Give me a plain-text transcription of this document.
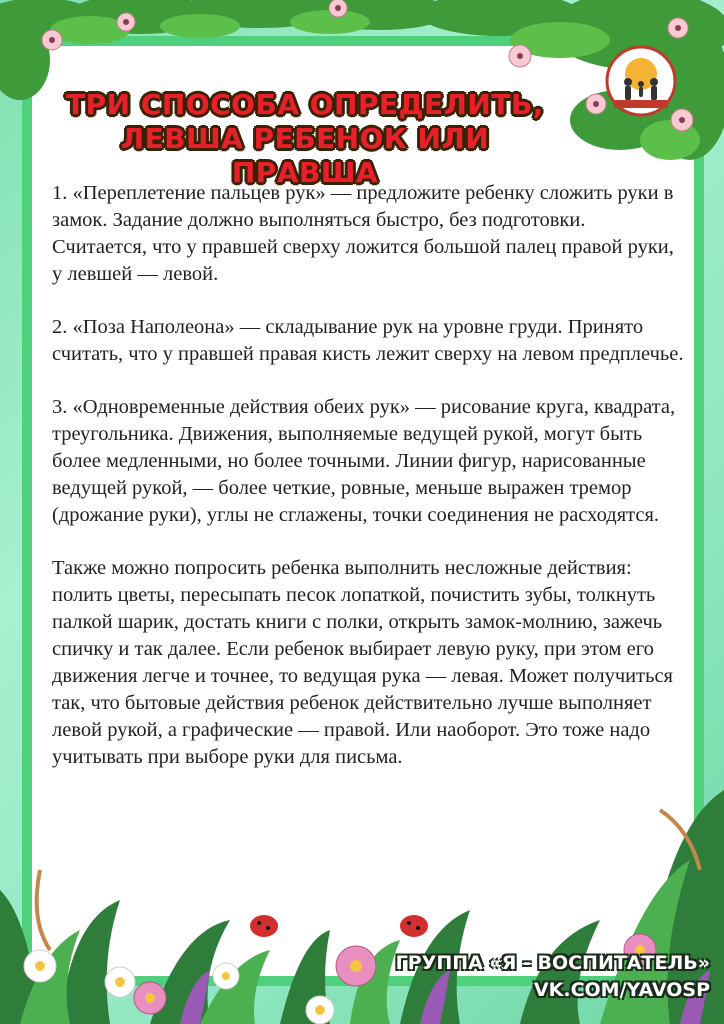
ТРИ СПОСОБА ОПРЕДЕЛИТЬ,
ЛЕВША РЕБЕНОК ИЛИ ПРАВША

1. «Переплетение пальцев рук» — предложите ребенку сложить руки в замок. Задание должно выполняться быстро, без подготовки. Считается, что у правшей сверху ложится большой палец правой руки, у левшей — левой.

2. «Поза Наполеона» — складывание рук на уровне груди. Принято считать, что у правшей правая кисть лежит сверху на левом предплечье.

3. «Одновременные действия обеих рук» — рисование круга, квадрата, треугольника. Движения, выполняемые ведущей рукой, могут быть более медленными, но более точными. Линии фигур, нарисованные ведущей рукой, — более четкие, ровные, меньше выражен тремор (дрожание руки), углы не сглажены, точки соединения не расходятся.

Также можно попросить ребенка выполнить несложные действия: полить цветы, пересыпать песок лопаткой, почистить зубы, толкнуть палкой шарик, достать книги с полки, открыть замок-молнию, зажечь спичку и так далее. Если ребенок выбирает левую руку, при этом его движения легче и точнее, то ведущая рука — левая. Может получиться так, что бытовые действия ребенок действительно лучше выполняет левой рукой, а графические — правой. Или наоборот. Это тоже надо учитывать при выборе руки для письма.

ГРУППА «Я - ВОСПИТАТЕЛЬ»
VK.COM/YAVOSP
